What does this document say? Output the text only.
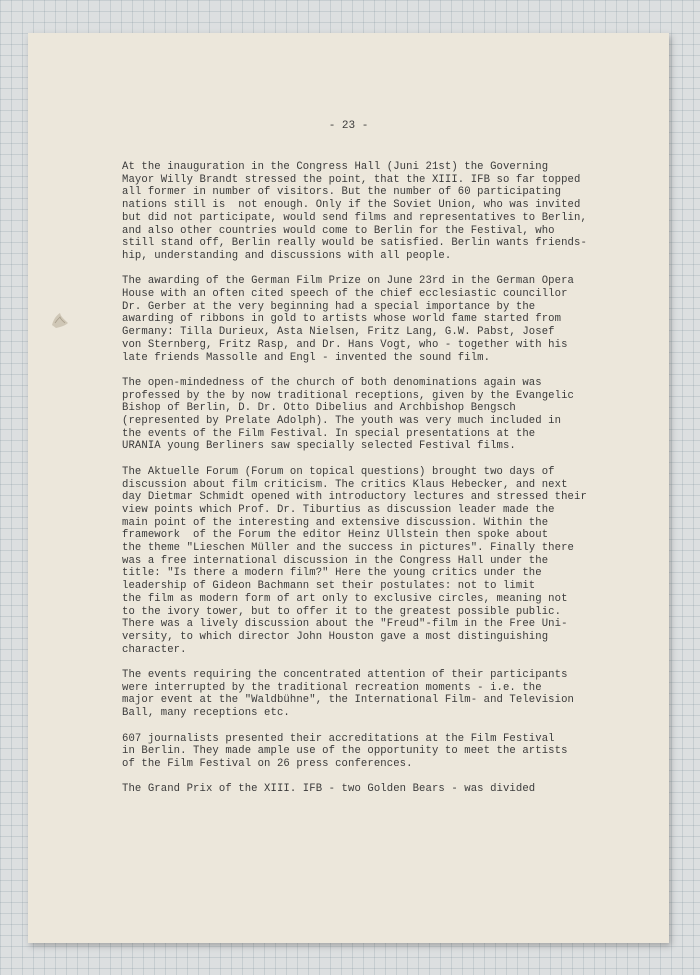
- 23 -
At the inauguration in the Congress Hall (Juni 21st) the Governing
Mayor Willy Brandt stressed the point, that the XIII. IFB so far topped
all former in number of visitors. But the number of 60 participating
nations still is  not enough. Only if the Soviet Union, who was invited
but did not participate, would send films and representatives to Berlin,
and also other countries would come to Berlin for the Festival, who
still stand off, Berlin really would be satisfied. Berlin wants friends-
hip, understanding and discussions with all people.
The awarding of the German Film Prize on June 23rd in the German Opera
House with an often cited speech of the chief ecclesiastic councillor
Dr. Gerber at the very beginning had a special importance by the
awarding of ribbons in gold to artists whose world fame started from
Germany: Tilla Durieux, Asta Nielsen, Fritz Lang, G.W. Pabst, Josef
von Sternberg, Fritz Rasp, and Dr. Hans Vogt, who - together with his
late friends Massolle and Engl - invented the sound film.
The open-mindedness of the church of both denominations again was
professed by the by now traditional receptions, given by the Evangelic
Bishop of Berlin, D. Dr. Otto Dibelius and Archbishop Bengsch
(represented by Prelate Adolph). The youth was very much included in
the events of the Film Festival. In special presentations at the
URANIA young Berliners saw specially selected Festival films.
The Aktuelle Forum (Forum on topical questions) brought two days of
discussion about film criticism. The critics Klaus Hebecker, and next
day Dietmar Schmidt opened with introductory lectures and stressed their
view points which Prof. Dr. Tiburtius as discussion leader made the
main point of the interesting and extensive discussion. Within the
framework  of the Forum the editor Heinz Ullstein then spoke about
the theme "Lieschen Müller and the success in pictures". Finally there
was a free international discussion in the Congress Hall under the
title: "Is there a modern film?" Here the young critics under the
leadership of Gideon Bachmann set their postulates: not to limit
the film as modern form of art only to exclusive circles, meaning not
to the ivory tower, but to offer it to the greatest possible public.
There was a lively discussion about the "Freud"-film in the Free Uni-
versity, to which director John Houston gave a most distinguishing
character.
The events requiring the concentrated attention of their participants
were interrupted by the traditional recreation moments - i.e. the
major event at the "Waldbühne", the International Film- and Television
Ball, many receptions etc.
607 journalists presented their accreditations at the Film Festival
in Berlin. They made ample use of the opportunity to meet the artists
of the Film Festival on 26 press conferences.
The Grand Prix of the XIII. IFB - two Golden Bears - was divided
